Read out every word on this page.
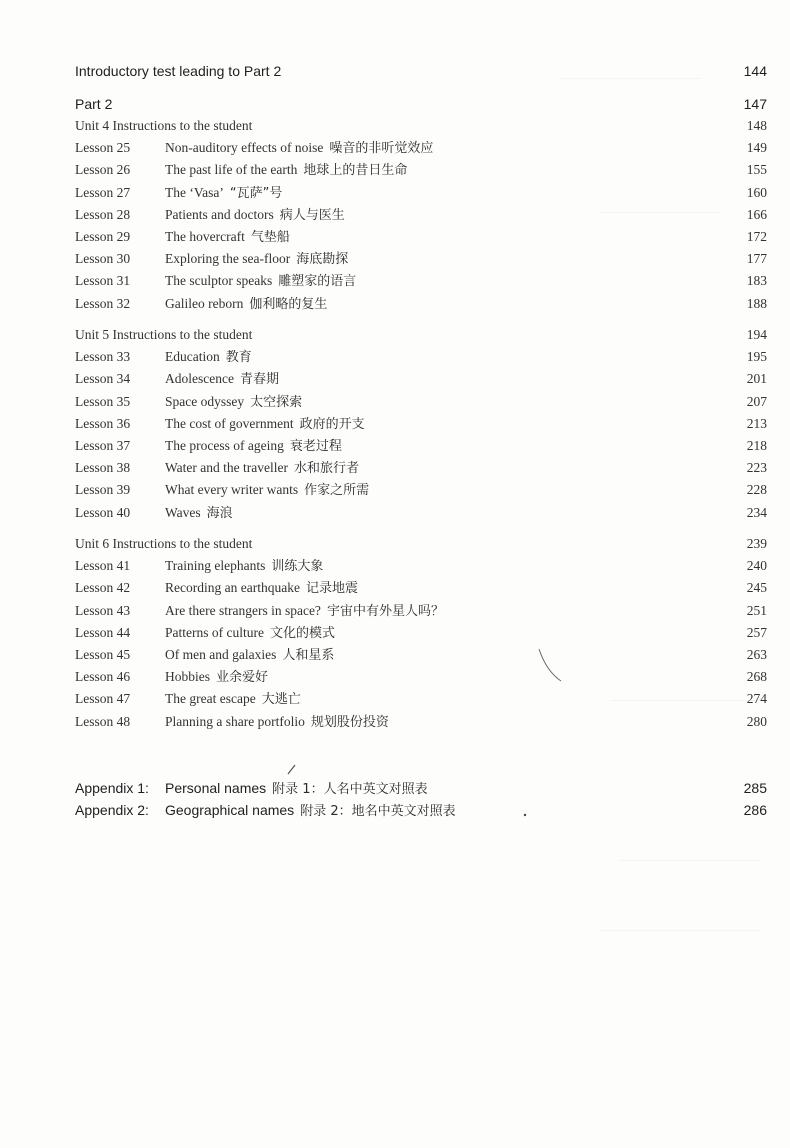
Introductory test leading to Part 2	144
Part 2	147
Appendix 1: Personal names 附录 1：人名中英文对照表	285
Appendix 2: Geographical names 附录 2：地名中英文对照表	286
Unit 4 Instructions to the student	148
Lesson 25	Non-auditory effects of noise 噪音的非听觉效应	149
Lesson 26	The past life of the earth 地球上的昔日生命	155
Lesson 27	The ‘Vasa’ “瓦萨”号	160
Lesson 28	Patients and doctors 病人与医生	166
Lesson 29	The hovercraft 气垫船	172
Lesson 30	Exploring the sea-floor 海底勘探	177
Lesson 31	The sculptor speaks 雕塑家的语言	183
Lesson 32	Galileo reborn 伽利略的复生	188
Unit 5 Instructions to the student	194
Lesson 33	Education 教育	195
Lesson 34	Adolescence 青春期	201
Lesson 35	Space odyssey 太空探索	207
Lesson 36	The cost of government 政府的开支	213
Lesson 37	The process of ageing 衰老过程	218
Lesson 38	Water and the traveller 水和旅行者	223
Lesson 39	What every writer wants 作家之所需	228
Lesson 40	Waves 海浪	234
Unit 6 Instructions to the student	239
Lesson 41	Training elephants 训练大象	240
Lesson 42	Recording an earthquake 记录地震	245
Lesson 43	Are there strangers in space? 宇宙中有外星人吗？	251
Lesson 44	Patterns of culture 文化的模式	257
Lesson 45	Of men and galaxies 人和星系	263
Lesson 46	Hobbies 业余爱好	268
Lesson 47	The great escape 大逃亡	274
Lesson 48	Planning a share portfolio 规划股份投资	280
